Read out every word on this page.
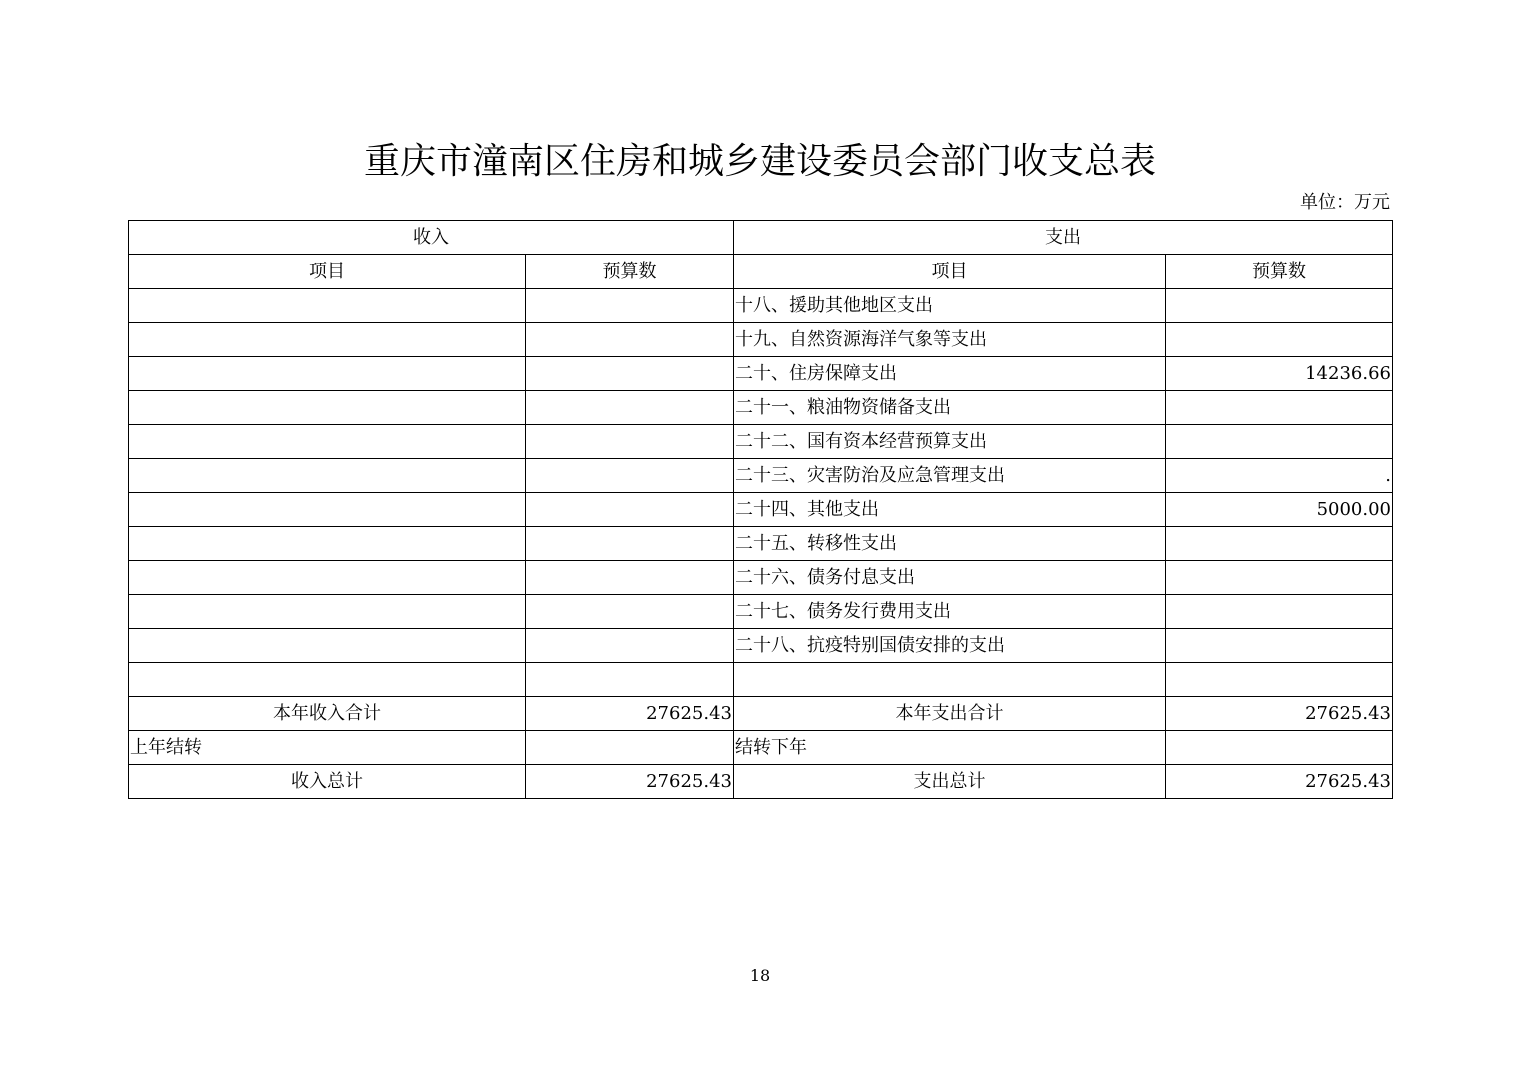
重庆市潼南区住房和城乡建设委员会部门收支总表
单位：万元
收入		支出	
项目	预算数	项目	预算数
		十八、援助其他地区支出	
		十九、自然资源海洋气象等支出	
		二十、住房保障支出	14236.66
		二十一、粮油物资储备支出	
		二十二、国有资本经营预算支出	
		二十三、灾害防治及应急管理支出	.
		二十四、其他支出	5000.00
		二十五、转移性支出	
		二十六、债务付息支出	
		二十七、债务发行费用支出	
		二十八、抗疫特别国债安排的支出	

本年收入合计	27625.43	本年支出合计	27625.43
上年结转		结转下年	
收入总计	27625.43	支出总计	27625.43
18
